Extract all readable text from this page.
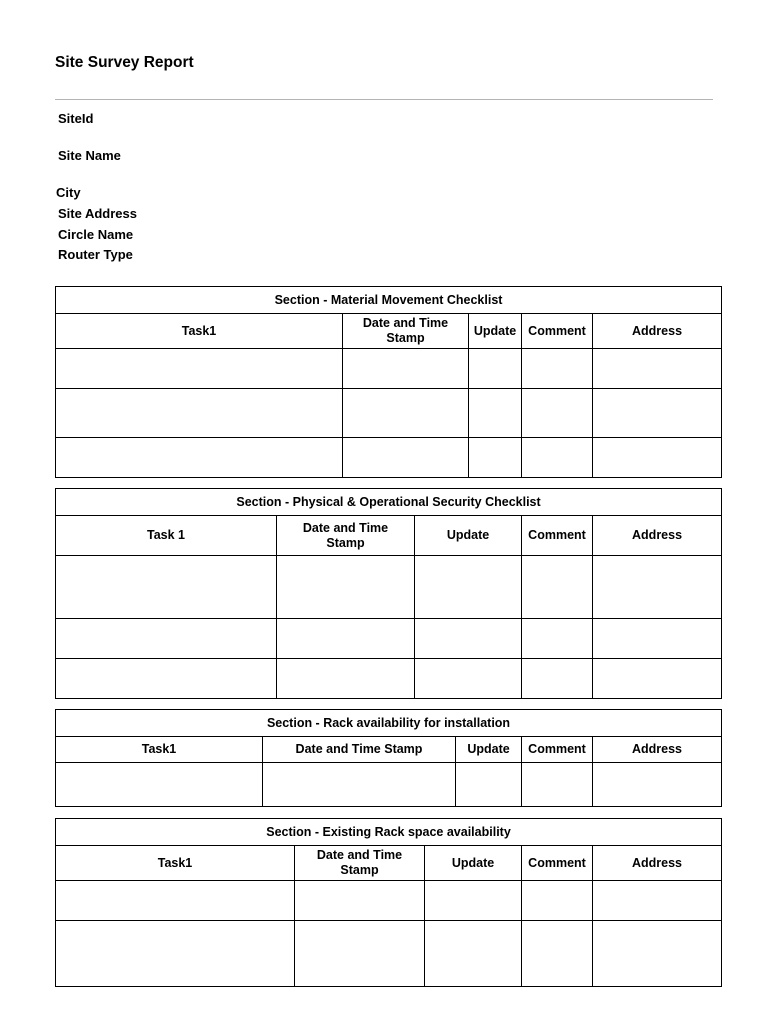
Site Survey Report
SiteId
Site Name
City
Site Address
Circle Name
Router Type
Section - Material Movement Checklist				
Task1	Date and Time Stamp	Update	Comment	Address

Section - Physical & Operational Security Checklist				
Task 1	Date and Time Stamp	Update	Comment	Address

Section - Rack availability for installation				
Task1	Date and Time Stamp	Update	Comment	Address

Section - Existing Rack space availability				
Task1	Date and Time Stamp	Update	Comment	Address
